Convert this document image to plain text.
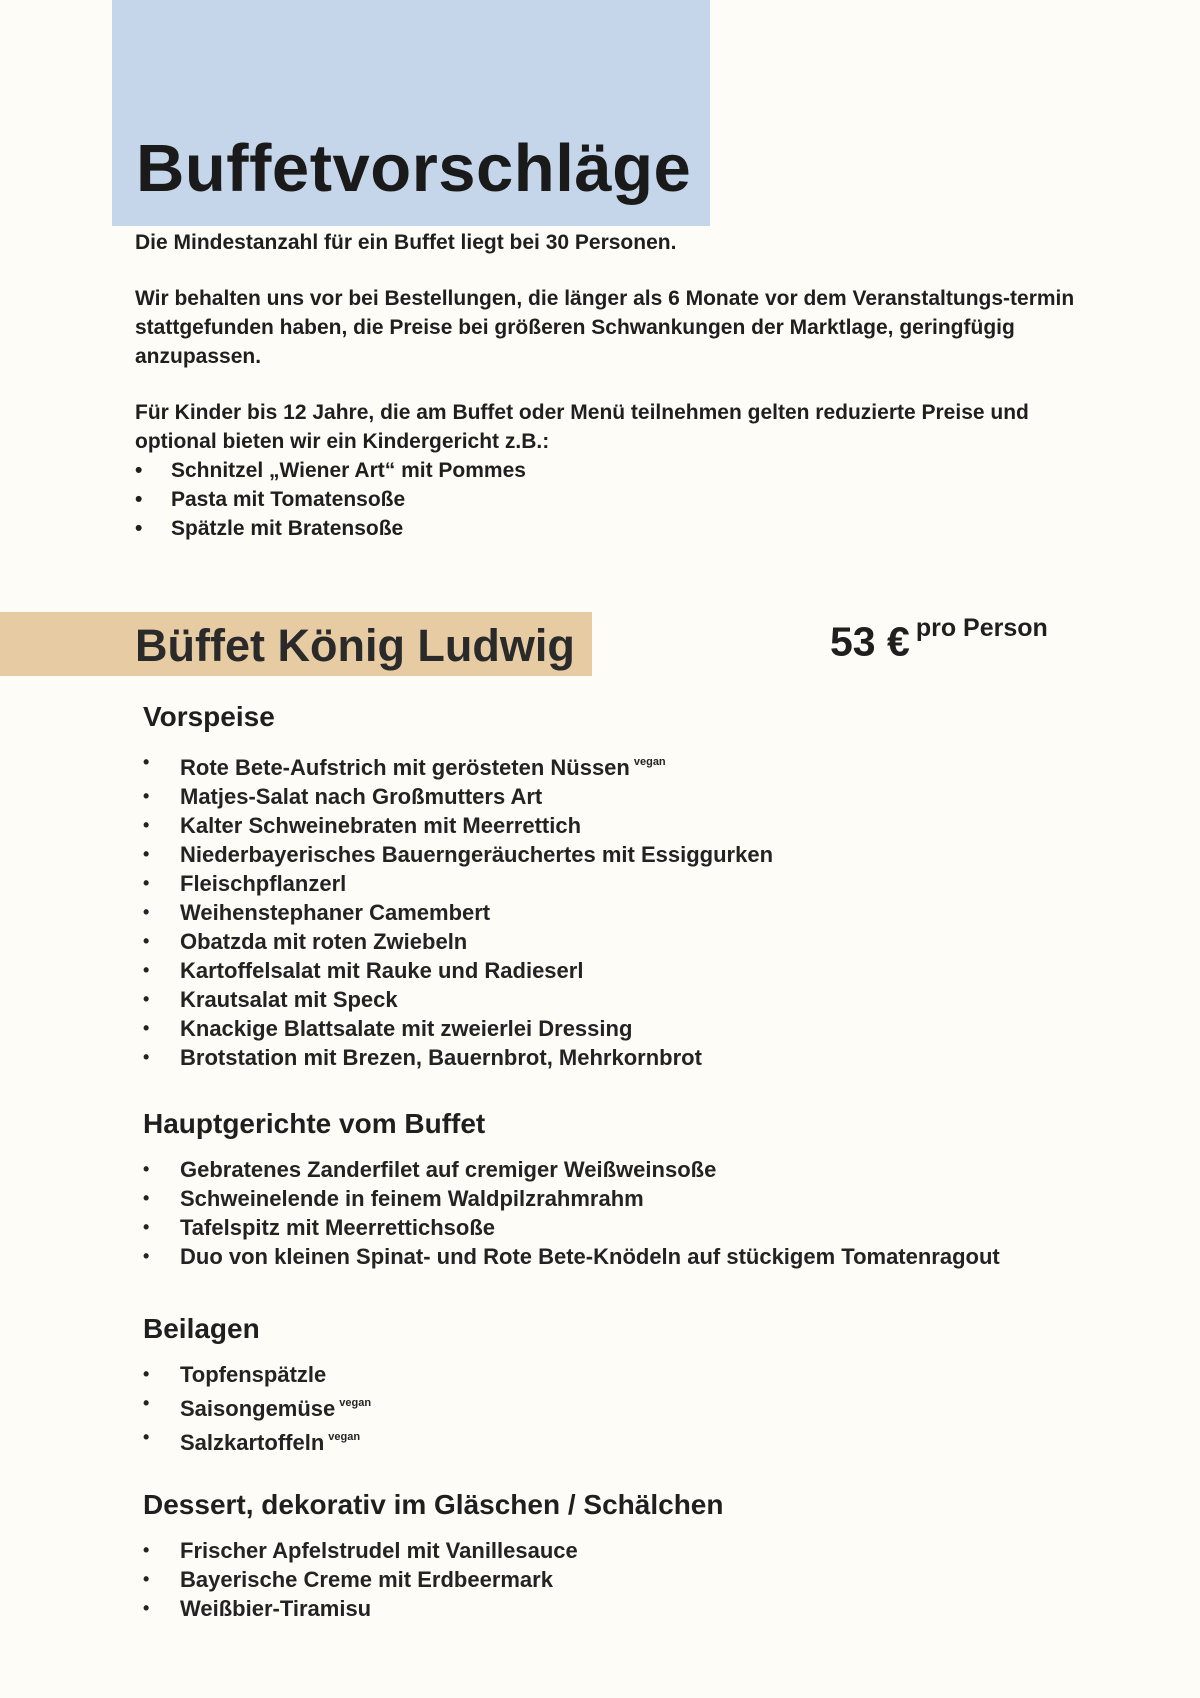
Buffetvorschläge

Die Mindestanzahl für ein Buffet liegt bei 30 Personen.

Wir behalten uns vor bei Bestellungen, die länger als 6 Monate vor dem Veranstaltungs-termin stattgefunden haben, die Preise bei größeren Schwankungen der Marktlage, geringfügig anzupassen.

Für Kinder bis 12 Jahre, die am Buffet oder Menü teilnehmen gelten reduzierte Preise und optional bieten wir ein Kindergericht z.B.:
• Schnitzel „Wiener Art“ mit Pommes
• Pasta mit Tomatensoße
• Spätzle mit Bratensoße
Büffet König Ludwig	53 € pro Person
Vorspeise
• Rote Bete-Aufstrich mit gerösteten Nüssen $^{vegan}$
• Matjes-Salat nach Großmutters Art
• Kalter Schweinebraten mit Meerrettich
• Niederbayerisches Bauerngeräuchertes mit Essiggurken
• Fleischpflanzerl
• Weihenstephaner Camembert
• Obatzda mit roten Zwiebeln
• Kartoffelsalat mit Rauke und Radieserl
• Krautsalat mit Speck
• Knackige Blattsalate mit zweierlei Dressing
• Brotstation mit Brezen, Bauernbrot, Mehrkornbrot
Hauptgerichte vom Buffet
• Gebratenes Zanderfilet auf cremiger Weißweinsoße
• Schweinelende in feinem Waldpilzrahmrahm
• Tafelspitz mit Meerrettichsoße
• Duo von kleinen Spinat- und Rote Bete-Knödeln auf stückigem Tomatenragout
Beilagen
• Topfenspätzle
• Saisongemüse $^{vegan}$
• Salzkartoffeln $^{vegan}$
Dessert, dekorativ im Gläschen / Schälchen
• Frischer Apfelstrudel mit Vanillesauce
• Bayerische Creme mit Erdbeermark
• Weißbier-Tiramisu
